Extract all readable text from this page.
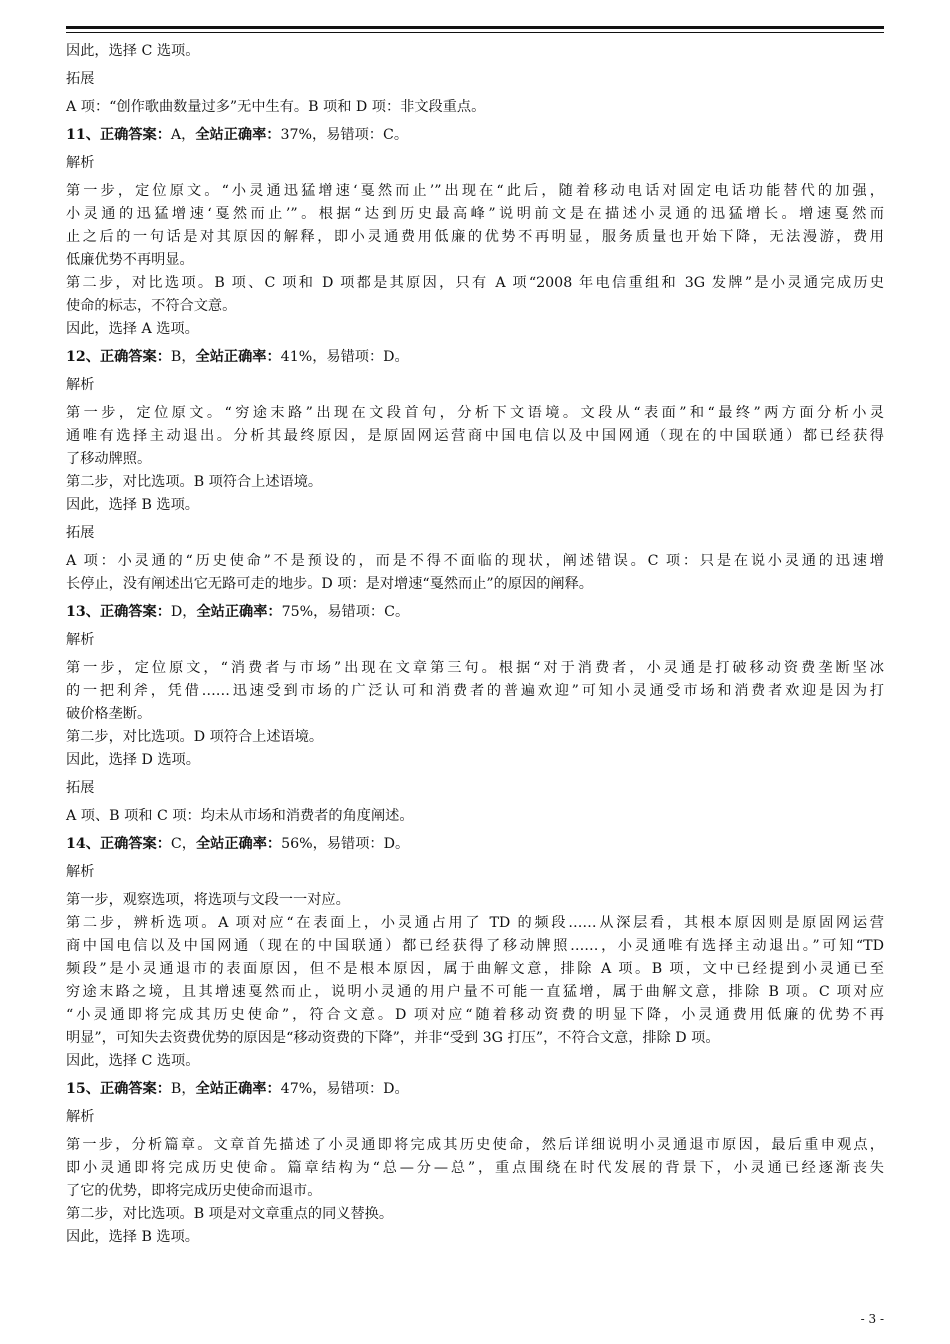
因此，选择 C 选项。
拓展
A 项：“创作歌曲数量过多”无中生有。B 项和 D 项：非文段重点。
11、正确答案：A，全站正确率：37%，易错项：C。
解析
第一步，定位原文。“小灵通迅猛增速‘戛然而止’”出现在“此后，随着移动电话对固定电话功能替代的加强，
小灵通的迅猛增速‘戛然而止’”。根据“达到历史最高峰”说明前文是在描述小灵通的迅猛增长。增速戛然而
止之后的一句话是对其原因的解释，即小灵通费用低廉的优势不再明显，服务质量也开始下降，无法漫游，费用
低廉优势不再明显。
第二步，对比选项。B 项、C 项和 D 项都是其原因，只有 A 项“2008 年电信重组和 3G 发牌”是小灵通完成历史
使命的标志，不符合文意。
因此，选择 A 选项。
12、正确答案：B，全站正确率：41%，易错项：D。
解析
第一步，定位原文。“穷途末路”出现在文段首句，分析下文语境。文段从“表面”和“最终”两方面分析小灵
通唯有选择主动退出。分析其最终原因，是原固网运营商中国电信以及中国网通（现在的中国联通）都已经获得
了移动牌照。
第二步，对比选项。B 项符合上述语境。
因此，选择 B 选项。
拓展
A 项：小灵通的“历史使命”不是预设的，而是不得不面临的现状，阐述错误。C 项：只是在说小灵通的迅速增
长停止，没有阐述出它无路可走的地步。D 项：是对增速“戛然而止”的原因的阐释。
13、正确答案：D，全站正确率：75%，易错项：C。
解析
第一步，定位原文，“消费者与市场”出现在文章第三句。根据“对于消费者，小灵通是打破移动资费垄断坚冰
的一把利斧，凭借……迅速受到市场的广泛认可和消费者的普遍欢迎”可知小灵通受市场和消费者欢迎是因为打
破价格垄断。
第二步，对比选项。D 项符合上述语境。
因此，选择 D 选项。
拓展
A 项、B 项和 C 项：均未从市场和消费者的角度阐述。
14、正确答案：C，全站正确率：56%，易错项：D。
解析
第一步，观察选项，将选项与文段一一对应。
第二步，辨析选项。A 项对应“在表面上，小灵通占用了 TD 的频段……从深层看，其根本原因则是原固网运营
商中国电信以及中国网通（现在的中国联通）都已经获得了移动牌照……，小灵通唯有选择主动退出。”可知“TD
频段”是小灵通退市的表面原因，但不是根本原因，属于曲解文意，排除 A 项。B 项，文中已经提到小灵通已至
穷途末路之境，且其增速戛然而止，说明小灵通的用户量不可能一直猛增，属于曲解文意，排除 B 项。C 项对应
“小灵通即将完成其历史使命”，符合文意。D 项对应“随着移动资费的明显下降，小灵通费用低廉的优势不再
明显”，可知失去资费优势的原因是“移动资费的下降”，并非“受到 3G 打压”，不符合文意，排除 D 项。
因此，选择 C 选项。
15、正确答案：B，全站正确率：47%，易错项：D。
解析
第一步，分析篇章。文章首先描述了小灵通即将完成其历史使命，然后详细说明小灵通退市原因，最后重申观点，
即小灵通即将完成历史使命。篇章结构为“总—分—总”，重点围绕在时代发展的背景下，小灵通已经逐渐丧失
了它的优势，即将完成历史使命而退市。
第二步，对比选项。B 项是对文章重点的同义替换。
因此，选择 B 选项。
- 3 -
